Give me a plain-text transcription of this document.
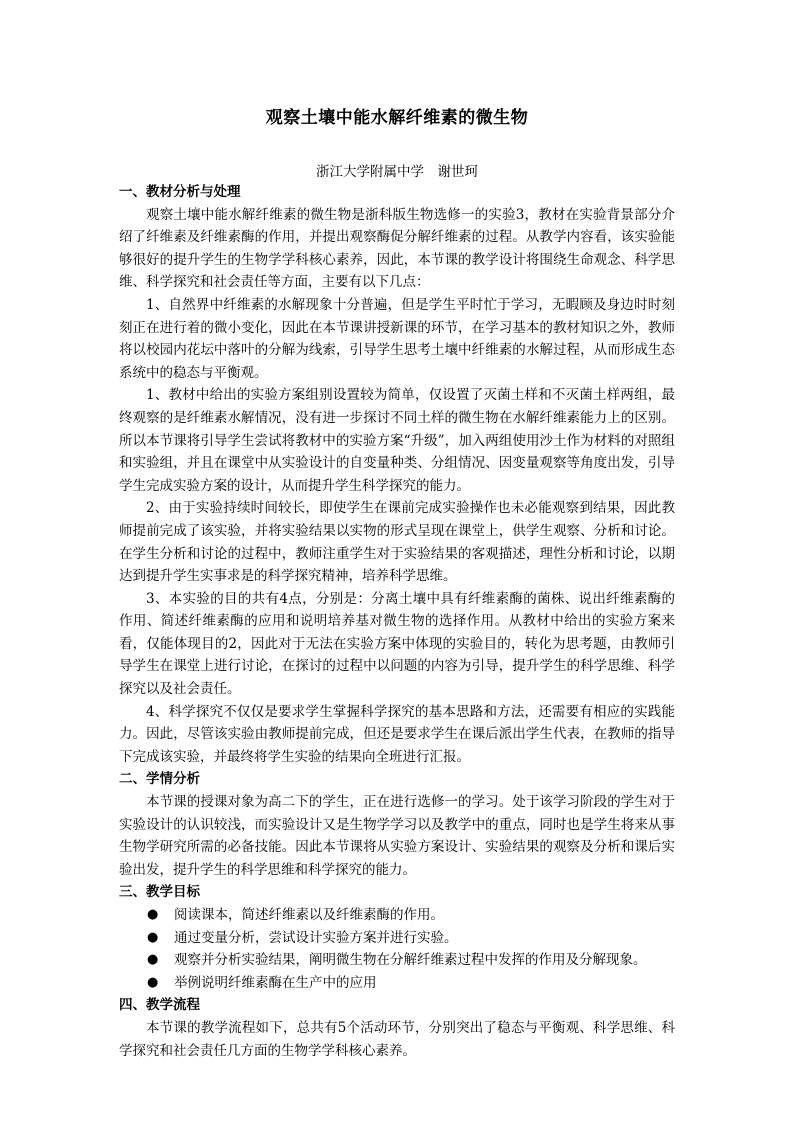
观察土壤中能水解纤维素的微生物
浙江大学附属中学　谢世珂
一、教材分析与处理
观察土壤中能水解纤维素的微生物是浙科版生物选修一的实验3，教材在实验背景部分介绍了纤维素及纤维素酶的作用，并提出观察酶促分解纤维素的过程。从教学内容看，该实验能够很好的提升学生的生物学学科核心素养，因此，本节课的教学设计将围绕生命观念、科学思维、科学探究和社会责任等方面，主要有以下几点：
1、自然界中纤维素的水解现象十分普遍，但是学生平时忙于学习，无暇顾及身边时时刻刻正在进行着的微小变化，因此在本节课讲授新课的环节，在学习基本的教材知识之外，教师将以校园内花坛中落叶的分解为线索，引导学生思考土壤中纤维素的水解过程，从而形成生态系统中的稳态与平衡观。
1、教材中给出的实验方案组别设置较为简单，仅设置了灭菌土样和不灭菌土样两组，最终观察的是纤维素水解情况，没有进一步探讨不同土样的微生物在水解纤维素能力上的区别。所以本节课将引导学生尝试将教材中的实验方案“升级”，加入两组使用沙土作为材料的对照组和实验组，并且在课堂中从实验设计的自变量种类、分组情况、因变量观察等角度出发，引导学生完成实验方案的设计，从而提升学生科学探究的能力。
2、由于实验持续时间较长，即使学生在课前完成实验操作也未必能观察到结果，因此教师提前完成了该实验，并将实验结果以实物的形式呈现在课堂上，供学生观察、分析和讨论。在学生分析和讨论的过程中，教师注重学生对于实验结果的客观描述，理性分析和讨论，以期达到提升学生实事求是的科学探究精神，培养科学思维。
3、本实验的目的共有4点，分别是：分离土壤中具有纤维素酶的菌株、说出纤维素酶的作用、简述纤维素酶的应用和说明培养基对微生物的选择作用。从教材中给出的实验方案来看，仅能体现目的2，因此对于无法在实验方案中体现的实验目的，转化为思考题，由教师引导学生在课堂上进行讨论，在探讨的过程中以问题的内容为引导，提升学生的科学思维、科学探究以及社会责任。
4、科学探究不仅仅是要求学生掌握科学探究的基本思路和方法，还需要有相应的实践能力。因此，尽管该实验由教师提前完成，但还是要求学生在课后派出学生代表，在教师的指导下完成该实验，并最终将学生实验的结果向全班进行汇报。
二、学情分析
本节课的授课对象为高二下的学生，正在进行选修一的学习。处于该学习阶段的学生对于实验设计的认识较浅，而实验设计又是生物学学习以及教学中的重点，同时也是学生将来从事生物学研究所需的必备技能。因此本节课将从实验方案设计、实验结果的观察及分析和课后实验出发，提升学生的科学思维和科学探究的能力。
三、教学目标
● 阅读课本，简述纤维素以及纤维素酶的作用。
● 通过变量分析，尝试设计实验方案并进行实验。
● 观察并分析实验结果，阐明微生物在分解纤维素过程中发挥的作用及分解现象。
● 举例说明纤维素酶在生产中的应用
四、教学流程
本节课的教学流程如下，总共有5个活动环节，分别突出了稳态与平衡观、科学思维、科学探究和社会责任几方面的生物学学科核心素养。
